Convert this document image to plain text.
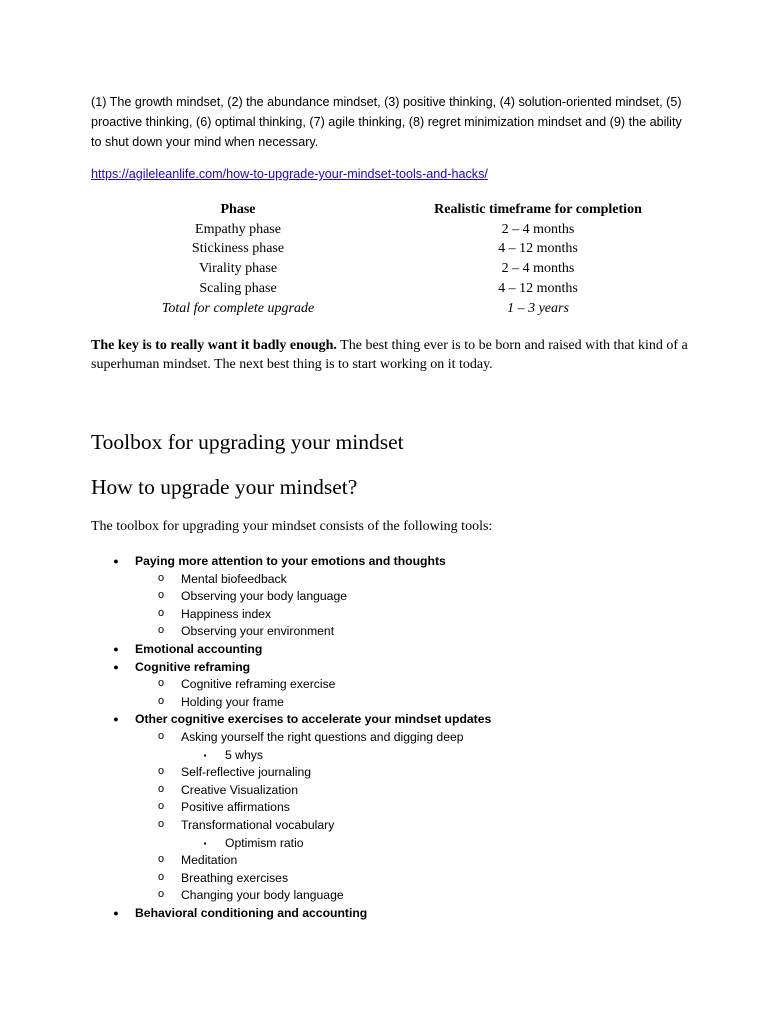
(1) The growth mindset, (2) the abundance mindset, (3) positive thinking, (4) solution-oriented mindset, (5) proactive thinking, (6) optimal thinking, (7) agile thinking, (8) regret minimization mindset and (9) the ability to shut down your mind when necessary.
https://agileleanlife.com/how-to-upgrade-your-mindset-tools-and-hacks/
Phase	Realistic timeframe for completion
Empathy phase	2 – 4 months
Stickiness phase	4 – 12 months
Virality phase	2 – 4 months
Scaling phase	4 – 12 months
Total for complete upgrade	1 – 3 years
The key is to really want it badly enough. The best thing ever is to be born and raised with that kind of a superhuman mindset. The next best thing is to start working on it today.
Toolbox for upgrading your mindset
How to upgrade your mindset?
The toolbox for upgrading your mindset consists of the following tools:
●	Paying more attention to your emotions and thoughts
o	Mental biofeedback
o	Observing your body language
o	Happiness index
o	Observing your environment
●	Emotional accounting
●	Cognitive reframing
o	Cognitive reframing exercise
o	Holding your frame
●	Other cognitive exercises to accelerate your mindset updates
o	Asking yourself the right questions and digging deep
▪	5 whys
o	Self-reflective journaling
o	Creative Visualization
o	Positive affirmations
o	Transformational vocabulary
▪	Optimism ratio
o	Meditation
o	Breathing exercises
o	Changing your body language
●	Behavioral conditioning and accounting
